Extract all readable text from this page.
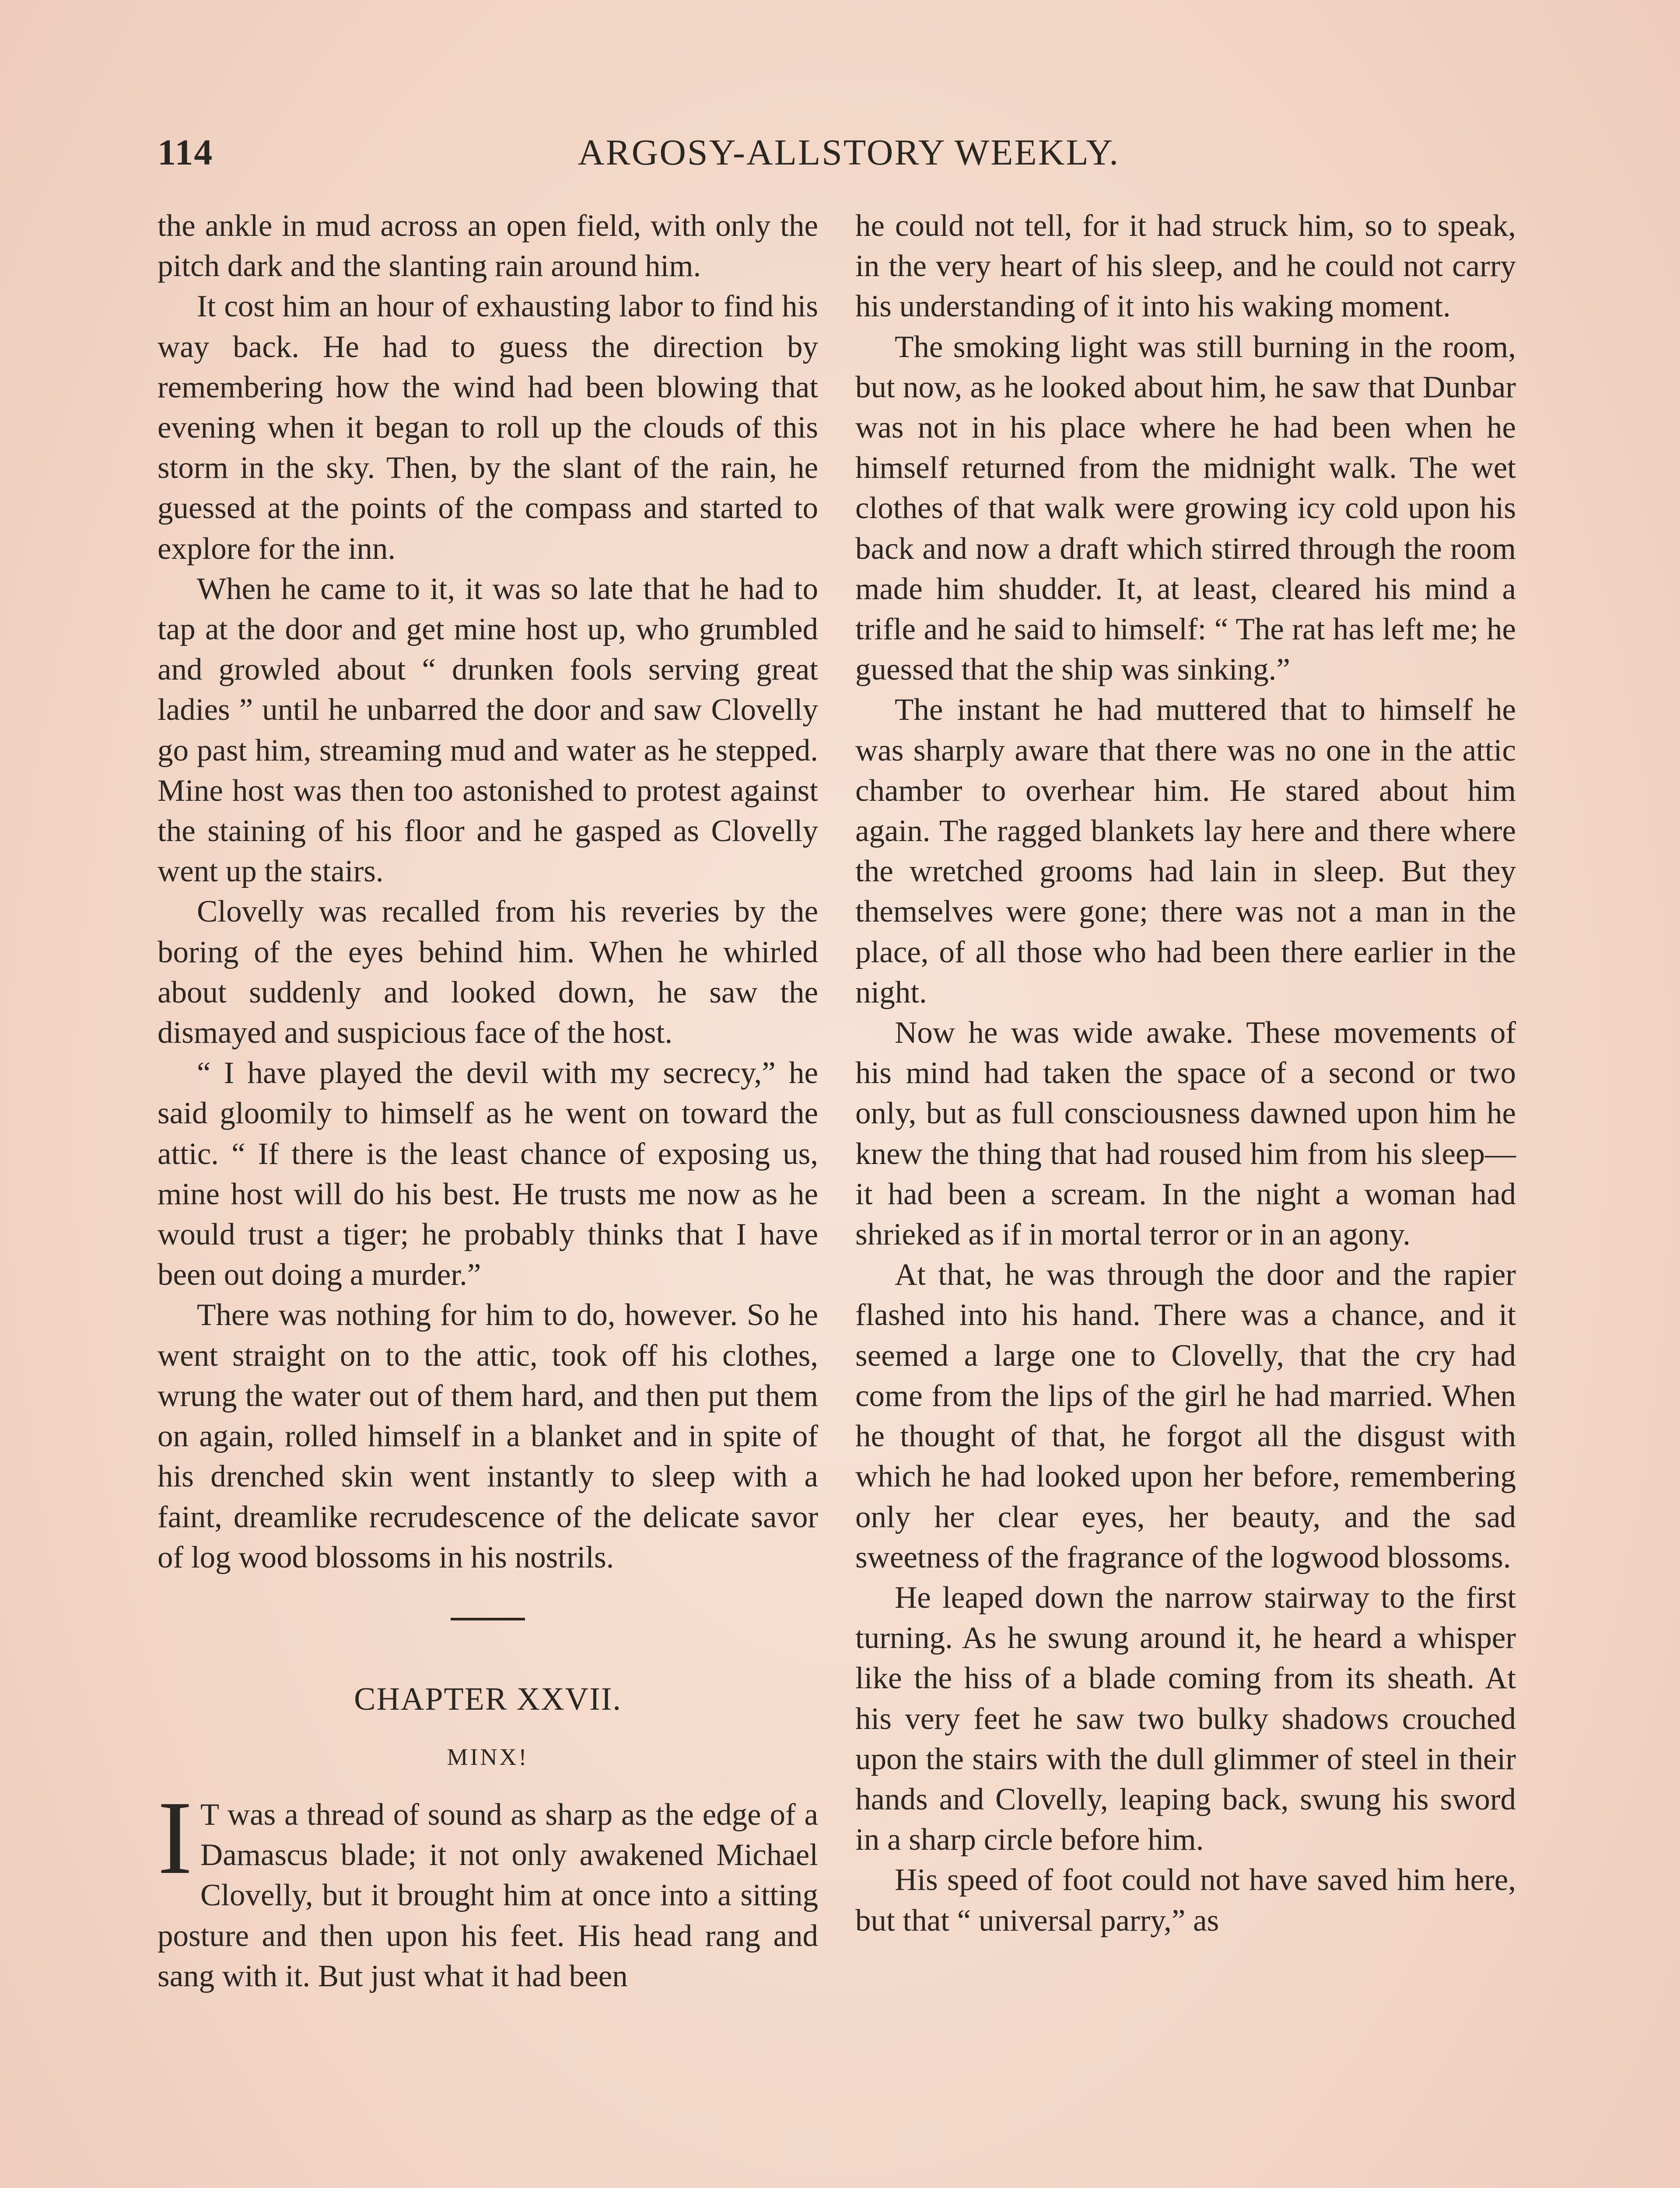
114	ARGOSY-ALLSTORY WEEKLY.

the ankle in mud across an open field, with only the pitch dark and the slanting rain around him.

It cost him an hour of exhausting labor to find his way back. He had to guess the direction by remembering how the wind had been blowing that evening when it began to roll up the clouds of this storm in the sky. Then, by the slant of the rain, he guessed at the points of the compass and started to explore for the inn.

When he came to it, it was so late that he had to tap at the door and get mine host up, who grumbled and growled about “ drunken fools serving great ladies ” until he unbarred the door and saw Clovelly go past him, streaming mud and water as he stepped. Mine host was then too astonished to protest against the staining of his floor and he gasped as Clovelly went up the stairs.

Clovelly was recalled from his reveries by the boring of the eyes behind him. When he whirled about suddenly and looked down, he saw the dismayed and suspicious face of the host.

“ I have played the devil with my secrecy,” he said gloomily to himself as he went on toward the attic. “ If there is the least chance of exposing us, mine host will do his best. He trusts me now as he would trust a tiger; he probably thinks that I have been out doing a murder.”

There was nothing for him to do, however. So he went straight on to the attic, took off his clothes, wrung the water out of them hard, and then put them on again, rolled himself in a blanket and in spite of his drenched skin went instantly to sleep with a faint, dreamlike recrudescence of the delicate savor of log wood blossoms in his nostrils.

CHAPTER XXVII.
MINX!

I T was a thread of sound as sharp as the edge of a Damascus blade; it not only awakened Michael Clovelly, but it brought him at once into a sitting posture and then upon his feet. His head rang and sang with it. But just what it had been

he could not tell, for it had struck him, so to speak, in the very heart of his sleep, and he could not carry his understanding of it into his waking moment.

The smoking light was still burning in the room, but now, as he looked about him, he saw that Dunbar was not in his place where he had been when he himself returned from the midnight walk. The wet clothes of that walk were growing icy cold upon his back and now a draft which stirred through the room made him shudder. It, at least, cleared his mind a trifle and he said to himself: “ The rat has left me; he guessed that the ship was sinking.”

The instant he had muttered that to himself he was sharply aware that there was no one in the attic chamber to overhear him. He stared about him again. The ragged blankets lay here and there where the wretched grooms had lain in sleep. But they themselves were gone; there was not a man in the place, of all those who had been there earlier in the night.

Now he was wide awake. These movements of his mind had taken the space of a second or two only, but as full consciousness dawned upon him he knew the thing that had roused him from his sleep—it had been a scream. In the night a woman had shrieked as if in mortal terror or in an agony.

At that, he was through the door and the rapier flashed into his hand. There was a chance, and it seemed a large one to Clovelly, that the cry had come from the lips of the girl he had married. When he thought of that, he forgot all the disgust with which he had looked upon her before, remembering only her clear eyes, her beauty, and the sad sweetness of the fragrance of the logwood blossoms.

He leaped down the narrow stairway to the first turning. As he swung around it, he heard a whisper like the hiss of a blade coming from its sheath. At his very feet he saw two bulky shadows crouched upon the stairs with the dull glimmer of steel in their hands and Clovelly, leaping back, swung his sword in a sharp circle before him.

His speed of foot could not have saved him here, but that “ universal parry,” as
